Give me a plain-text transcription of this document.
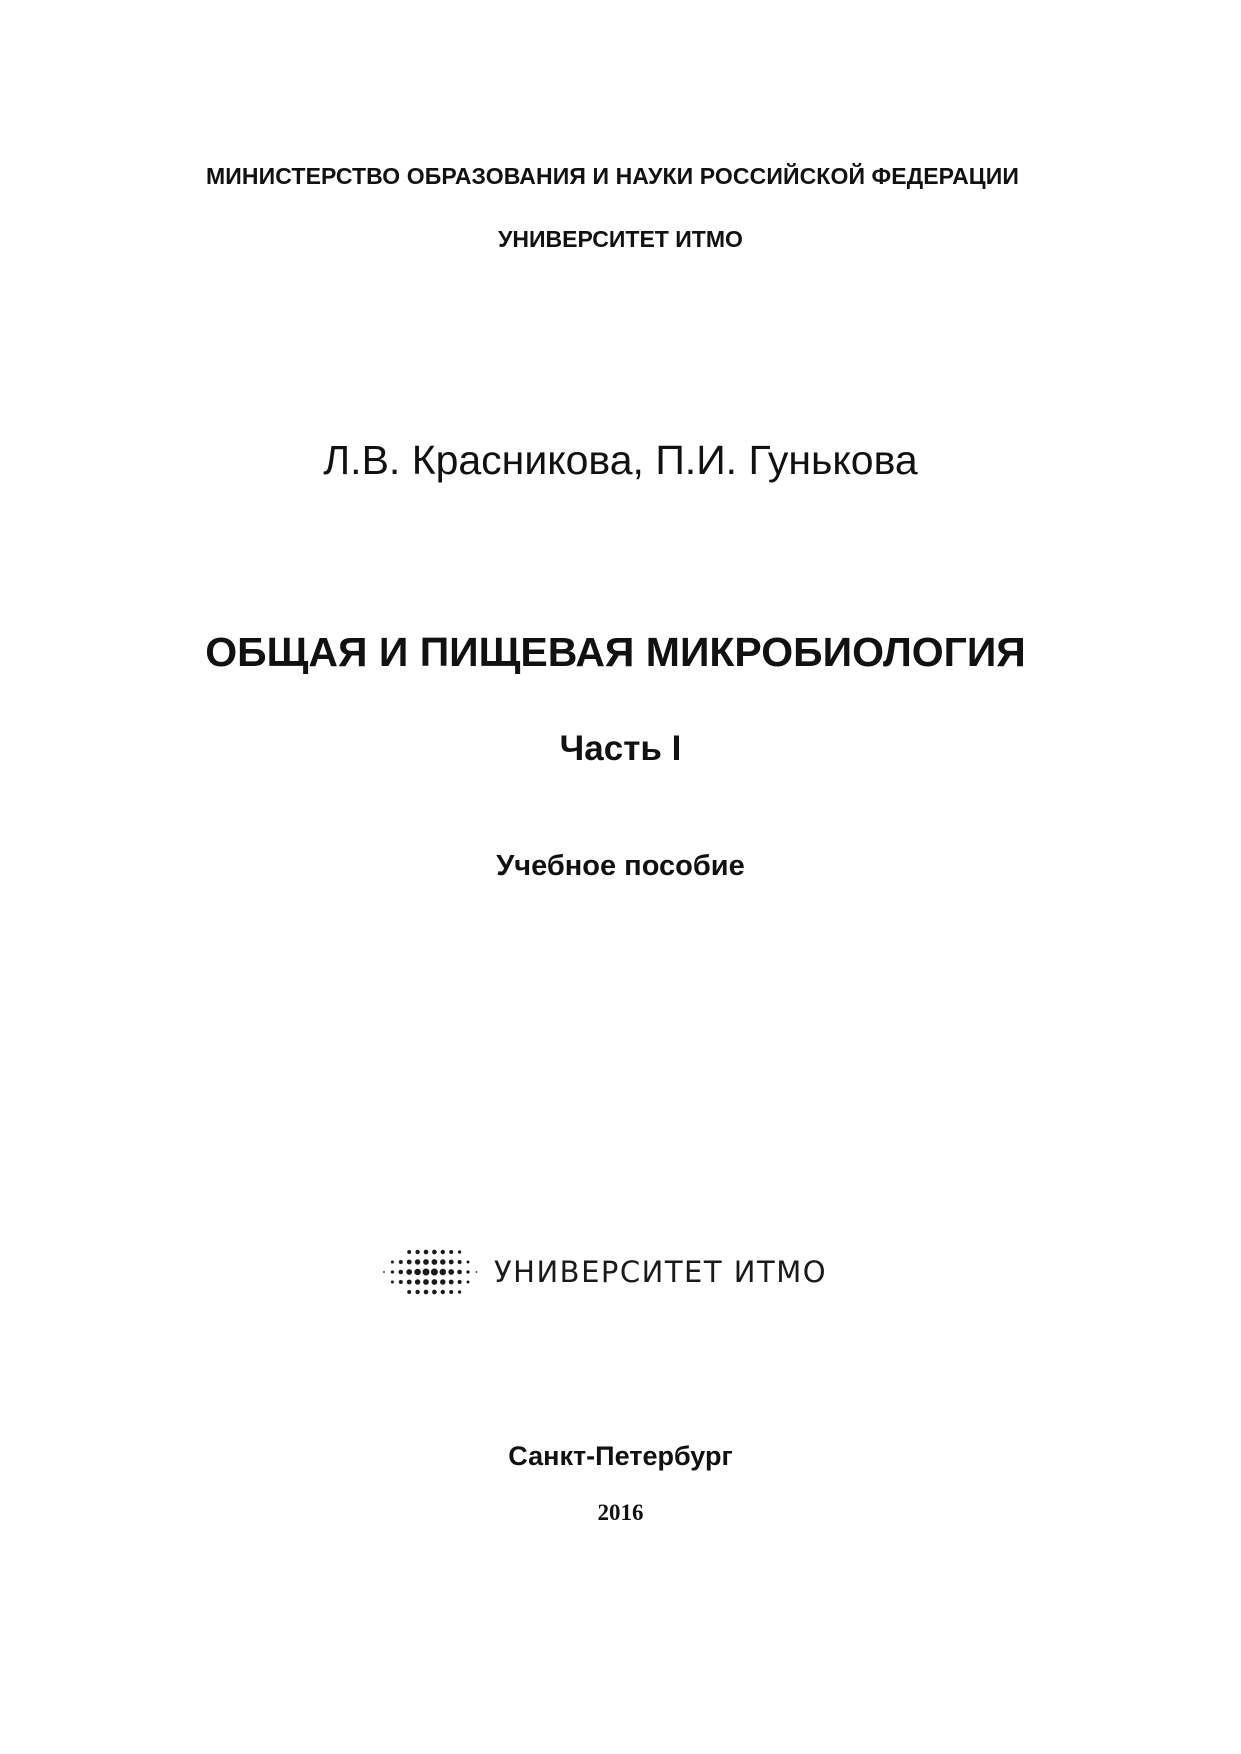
МИНИСТЕРСТВО ОБРАЗОВАНИЯ И НАУКИ РОССИЙСКОЙ ФЕДЕРАЦИИ

УНИВЕРСИТЕТ ИТМО

Л.В. Красникова, П.И. Гунькова

ОБЩАЯ И ПИЩЕВАЯ МИКРОБИОЛОГИЯ

Часть I

Учебное пособие

УНИВЕРСИТЕТ ИТМО

Санкт-Петербург

2016
